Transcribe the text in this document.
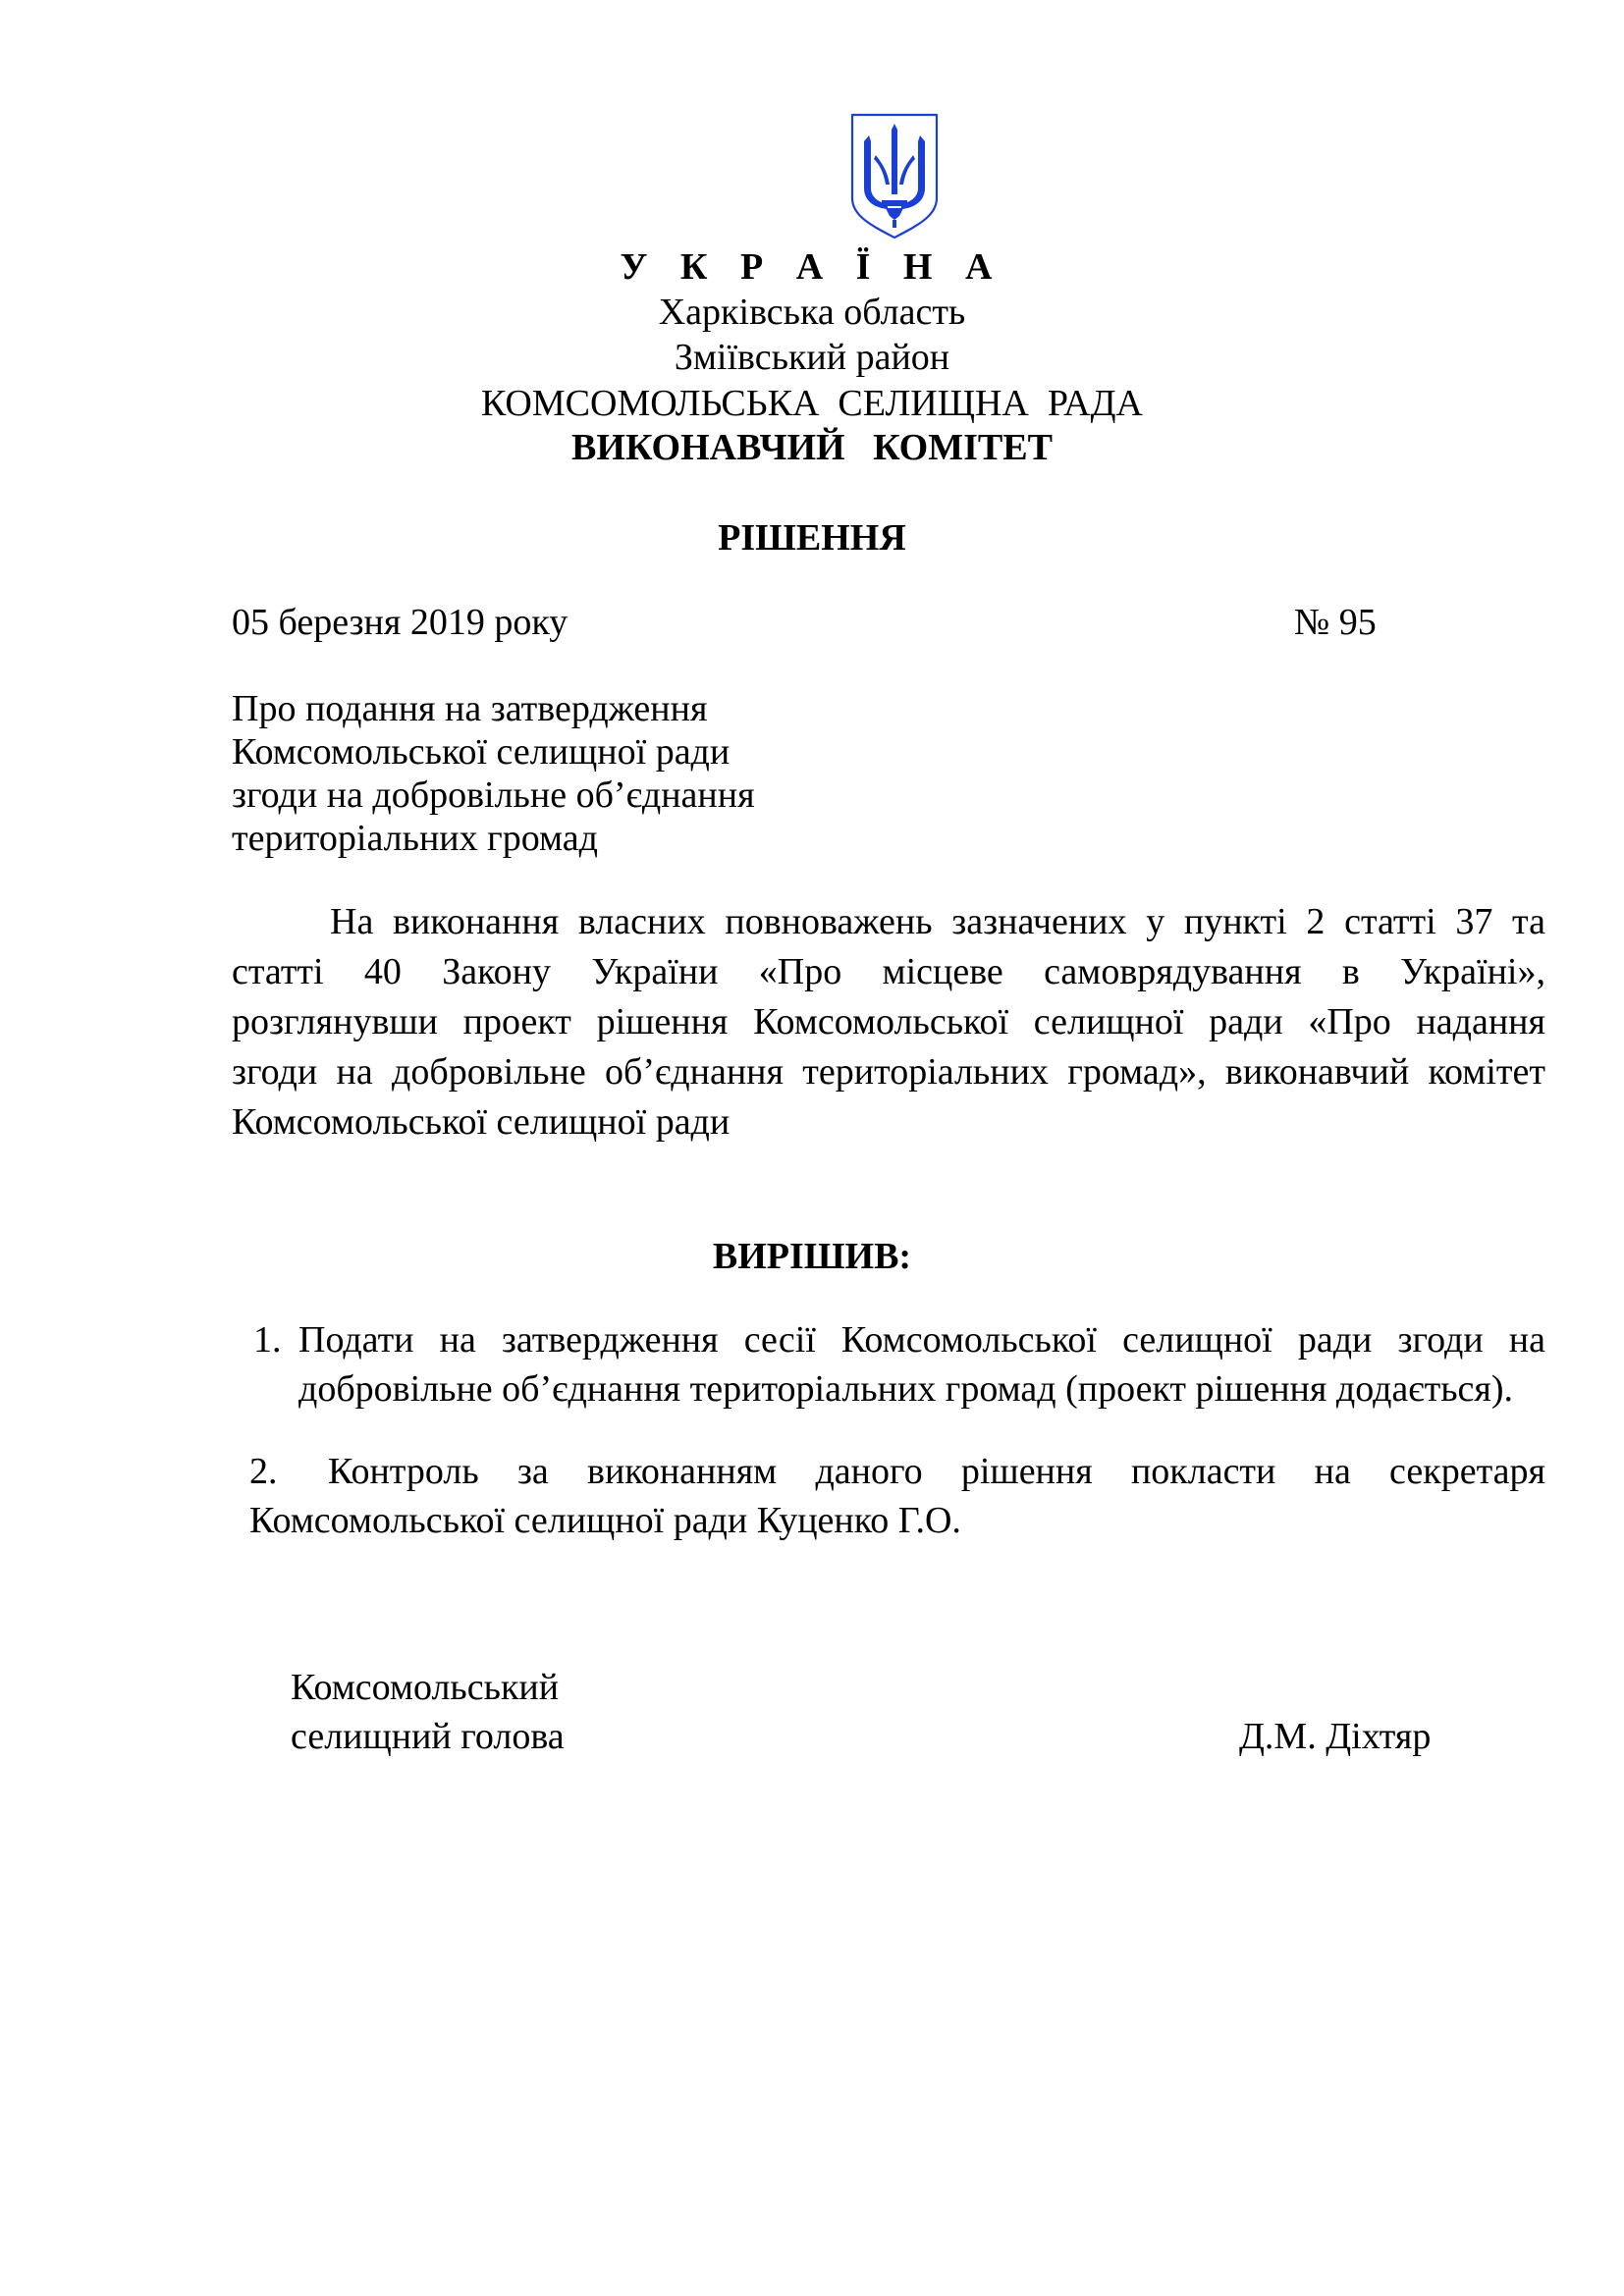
У К Р А Ї Н А
Харківська область
Зміївський район
КОМСОМОЛЬСЬКА  СЕЛИЩНА  РАДА
ВИКОНАВЧИЙ   КОМІТЕТ
РІШЕННЯ
05 березня 2019 року	№ 95
Про подання на затвердження
Комсомольської селищної ради
згоди на добровільне об’єднання
територіальних громад
На виконання власних повноважень зазначених у пункті 2 статті 37 та
статті 40 Закону України «Про місцеве самоврядування в Україні»,
розглянувши проект рішення Комсомольської селищної ради «Про надання
згоди на добровільне об’єднання територіальних громад», виконавчий комітет
Комсомольської селищної ради
ВИРІШИВ:
1. Подати на затвердження сесії Комсомольської селищної ради згоди на
добровільне об’єднання територіальних громад (проект рішення додається).
2. Контроль за виконанням даного рішення покласти на секретаря
Комсомольської селищної ради Куценко Г.О.
Комсомольський
селищний голова	Д.М. Діхтяр
